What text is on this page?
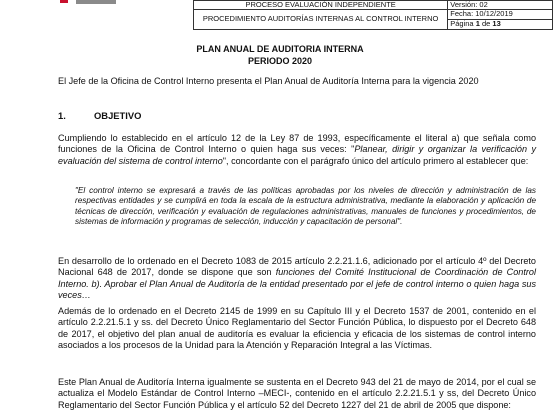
PROCESO EVALUACIÓN INDEPENDIENTE	Versión: 02
PROCEDIMIENTO AUDITORÍAS INTERNAS AL CONTROL INTERNO	Fecha: 10/12/2019
	Página 1 de 13
PLAN ANUAL DE AUDITORIA INTERNA
PERIODO 2020
El Jefe de la Oficina de Control Interno presenta el Plan Anual de Auditoría Interna para la vigencia 2020
1.	OBJETIVO
Cumpliendo lo establecido en el artículo 12 de la Ley 87 de 1993, específicamente el literal a) que señala como funciones de la Oficina de Control Interno o quien haga sus veces: "Planear, dirigir y organizar la verificación y evaluación del sistema de control interno", concordante con el parágrafo único del artículo primero al establecer que:
"El control interno se expresará a través de las políticas aprobadas por los niveles de dirección y administración de las respectivas entidades y se cumplirá en toda la escala de la estructura administrativa, mediante la elaboración y aplicación de técnicas de dirección, verificación y evaluación de regulaciones administrativas, manuales de funciones y procedimientos, de sistemas de información y programas de selección, inducción y capacitación de personal".
En desarrollo de lo ordenado en el Decreto 1083 de 2015 artículo 2.2.21.1.6, adicionado por el artículo 4º del Decreto Nacional 648 de 2017, donde se dispone que son funciones del Comité Institucional de Coordinación de Control Interno. b). Aprobar el Plan Anual de Auditoría de la entidad presentado por el jefe de control interno o quien haga sus veces…
Además de lo ordenado en el Decreto 2145 de 1999 en su Capítulo III y el Decreto 1537 de 2001, contenido en el artículo 2.2.21.5.1 y ss. del Decreto Único Reglamentario del Sector Función Pública, lo dispuesto por el Decreto 648 de 2017, el objetivo del plan anual de auditoría es evaluar la eficiencia y eficacia de los sistemas de control interno asociados a los procesos de la Unidad para la Atención y Reparación Integral a las Víctimas.
Este Plan Anual de Auditoría Interna igualmente se sustenta en el Decreto 943 del 21 de mayo de 2014, por el cual se actualiza el Modelo Estándar de Control Interno –MECI-, contenido en el artículo 2.2.21.5.1 y ss, del Decreto Único Reglamentario del Sector Función Pública y el artículo 52 del Decreto 1227 del 21 de abril de 2005 que dispone:
